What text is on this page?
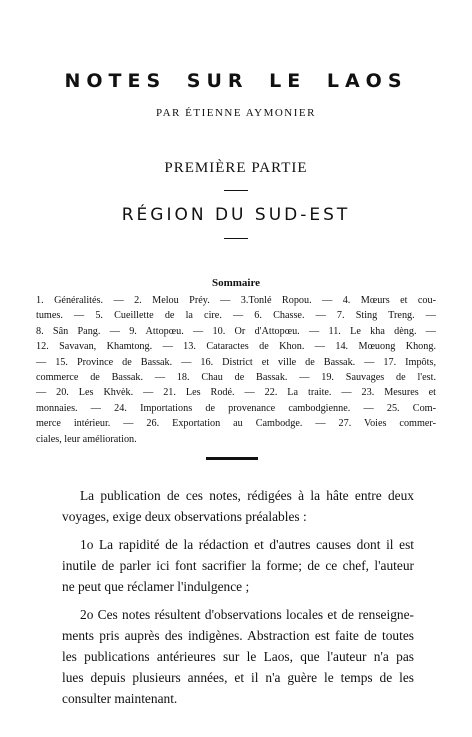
NOTES SUR LE LAOS
PAR ÉTIENNE AYMONIER
PREMIÈRE PARTIE
RÉGION DU SUD-EST
Sommaire
1. Généralités. — 2. Melou Préy. — 3.Tonlé Ropou. — 4. Mœurs et cou-
tumes. — 5. Cueillette de la cire. — 6. Chasse. — 7. Sting Treng. —
8. Sân Pang. — 9. Attopœu. — 10. Or d'Attopœu. — 11. Le kha dèng. —
12. Savavan, Khamtong. — 13. Cataractes de Khon. — 14. Mœuong Khong.
— 15. Province de Bassak. — 16. District et ville de Bassak. — 17. Impôts,
commerce de Bassak. — 18. Chau de Bassak. — 19. Sauvages de l'est.
— 20. Les Khvèk. — 21. Les Rodé. — 22. La traite. — 23. Mesures et
monnaies. — 24. Importations de provenance cambodgienne. — 25. Com-
merce intérieur. — 26. Exportation au Cambodge. — 27. Voies commer-
ciales, leur amélioration.

La publication de ces notes, rédigées à la hâte entre deux
voyages, exige deux observations préalables :

1o La rapidité de la rédaction et d'autres causes dont il est
inutile de parler ici font sacrifier la forme; de ce chef, l'auteur
ne peut que réclamer l'indulgence ;

2o Ces notes résultent d'observations locales et de renseigne-
ments pris auprès des indigènes. Abstraction est faite de toutes
les publications antérieures sur le Laos, que l'auteur n'a pas
lues depuis plusieurs années, et il n'a guère le temps de les
consulter maintenant.
